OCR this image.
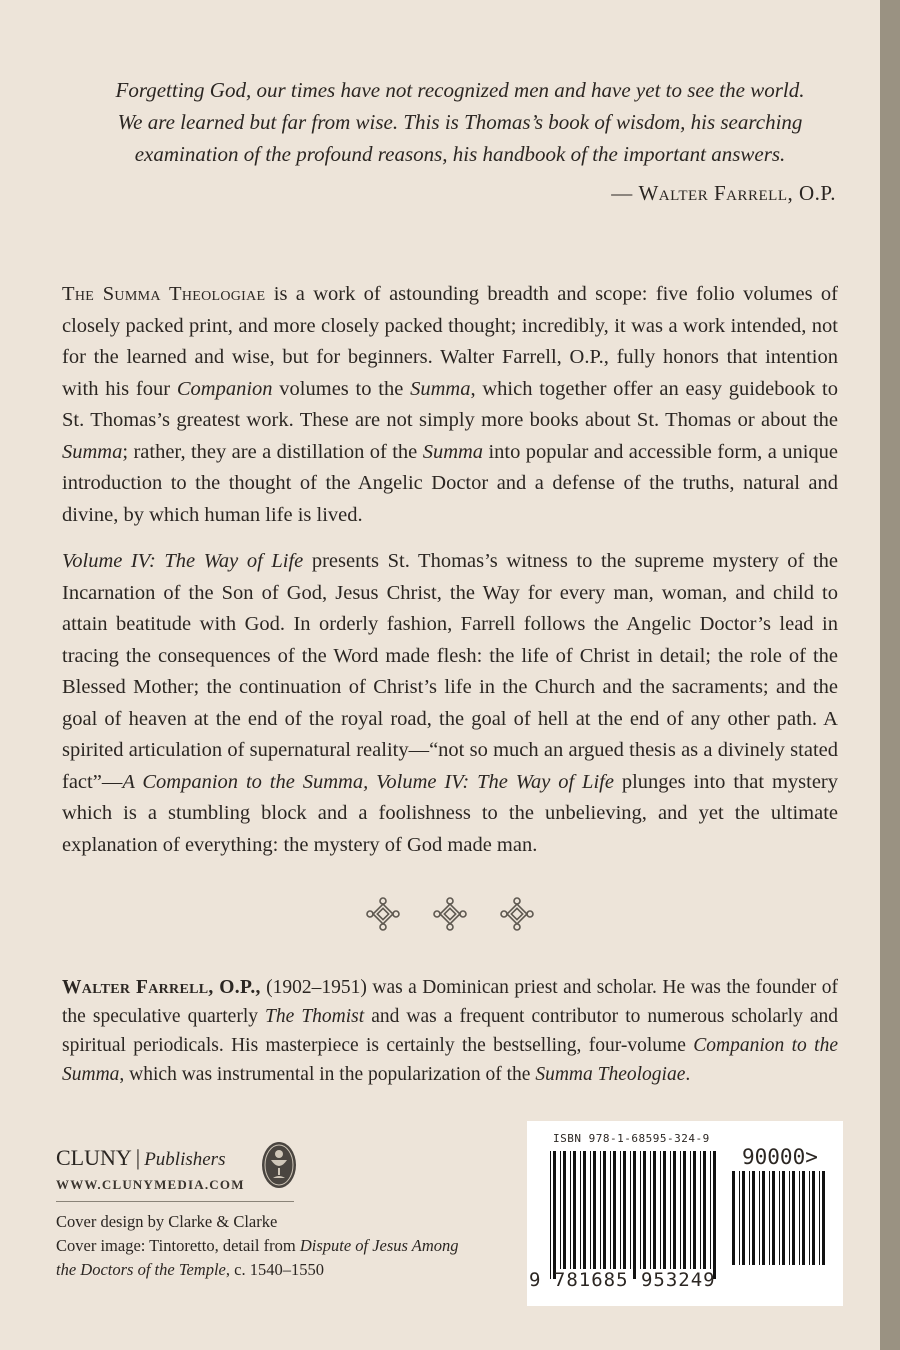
Forgetting God, our times have not recognized men and have yet to see the world.
We are learned but far from wise. This is Thomas’s book of wisdom, his searching
examination of the profound reasons, his handbook of the important answers.
— Walter Farrell, O.P.
The Summa Theologiae is a work of astounding breadth and scope: five folio volumes of closely packed print, and more closely packed thought; incredibly, it was a work intended, not for the learned and wise, but for beginners. Walter Farrell, O.P., fully honors that intention with his four Companion volumes to the Summa, which together offer an easy guidebook to St. Thomas’s greatest work. These are not simply more books about St. Thomas or about the Summa; rather, they are a distillation of the Summa into popular and accessible form, a unique introduction to the thought of the Angelic Doctor and a defense of the truths, natural and divine, by which human life is lived.
Volume IV: The Way of Life presents St. Thomas’s witness to the supreme mystery of the Incarnation of the Son of God, Jesus Christ, the Way for every man, woman, and child to attain beatitude with God. In orderly fashion, Farrell follows the Angelic Doctor’s lead in tracing the consequences of the Word made flesh: the life of Christ in detail; the role of the Blessed Mother; the continuation of Christ’s life in the Church and the sacraments; and the goal of heaven at the end of the royal road, the goal of hell at the end of any other path. A spirited articulation of supernatural reality—“not so much an argued thesis as a divinely stated fact”—A Companion to the Summa, Volume IV: The Way of Life plunges into that mystery which is a stumbling block and a foolishness to the unbelieving, and yet the ultimate explanation of everything: the mystery of God made man.
Walter Farrell, O.P., (1902–1951) was a Dominican priest and scholar. He was the founder of the speculative quarterly The Thomist and was a frequent contributor to numerous scholarly and spiritual periodicals. His masterpiece is certainly the bestselling, four-volume Companion to the Summa, which was instrumental in the popularization of the Summa Theologiae.
CLUNY | Publishers
WWW.CLUNYMEDIA.COM
Cover design by Clarke & Clarke
Cover image: Tintoretto, detail from Dispute of Jesus Among the Doctors of the Temple, c. 1540–1550
ISBN 978-1-68595-324-9
90000>
9 781685 953249
